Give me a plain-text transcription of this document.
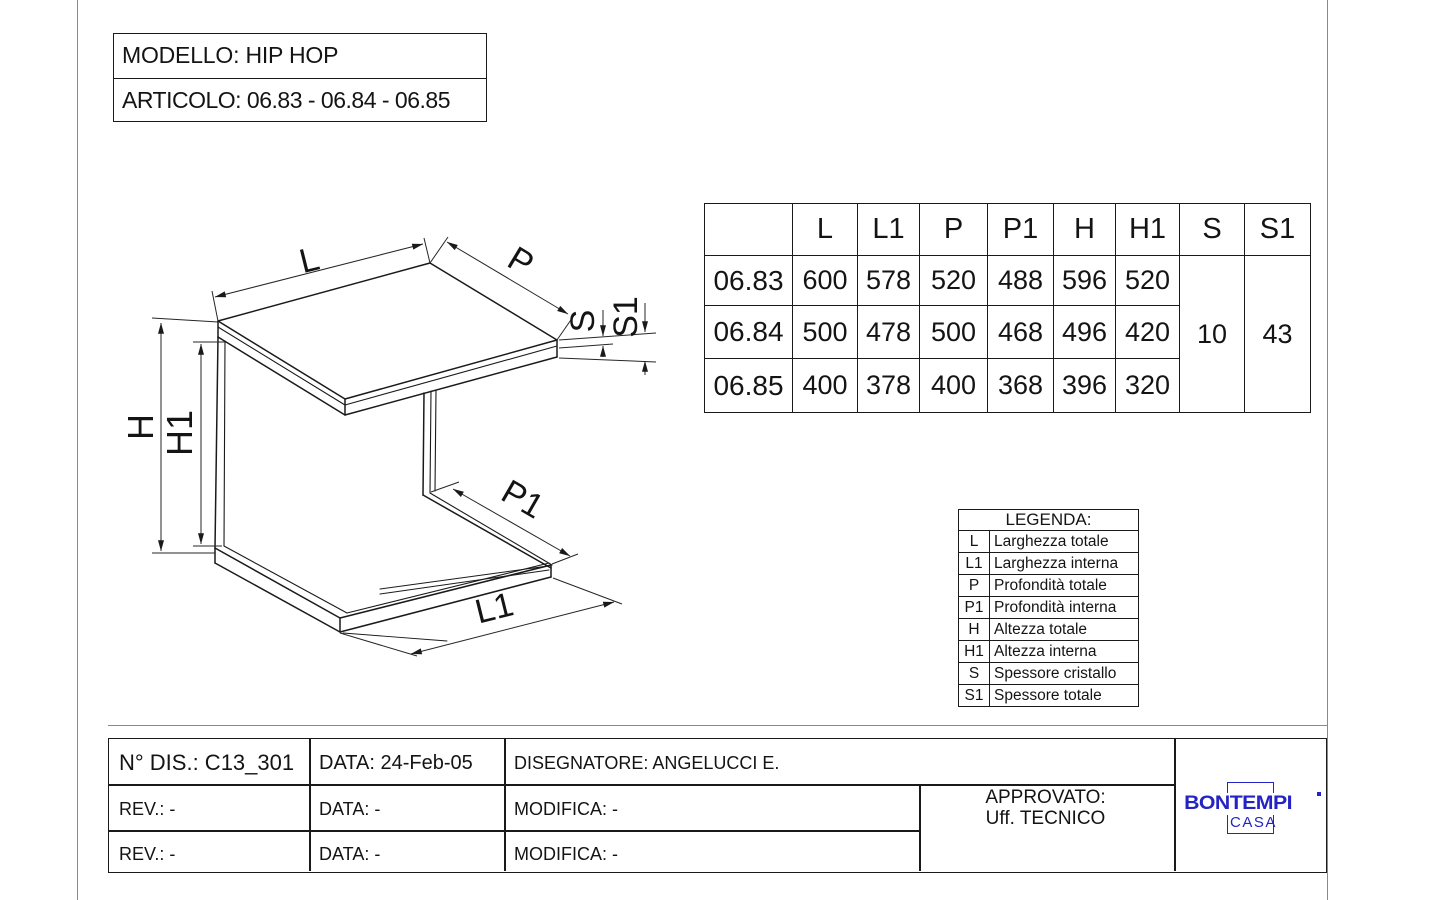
MODELLO: HIP HOP
ARTICOLO: 06.83 - 06.84 - 06.85
L	P
S S1
H
H1
P1
L1
L	L1	P	P1	H	H1	S	S1
06.83 600 578 520 488 596 520
10	43
06.84 500 478 500 468 496 420
06.85 400 378 400 368 396 320
LEGENDA:
L	Larghezza totale
L1 Larghezza interna
P Profondità totale
P1 Profondità interna
H Altezza totale
H1 Altezza interna
S Spessore cristallo
S1 Spessore totale
N° DIS.: C13_301 DATA: 24-Feb-05 DISEGNATORE: ANGELUCCI E.
REV.: -	DATA: -	MODIFICA: -
REV.: -	DATA: -	MODIFICA: -
APPROVATO:
Uff. TECNICO
BONTEMPI
CASA
